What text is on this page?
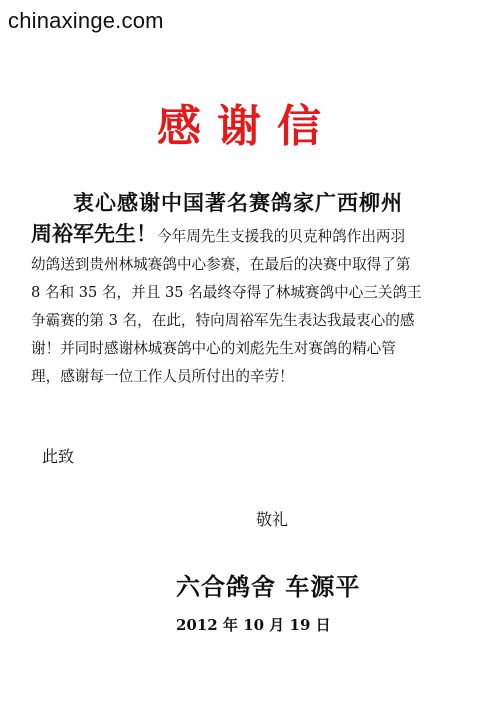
chinaxinge.com
感谢信

衷心感谢中国著名赛鸽家广西柳州

周裕军先生！今年周先生支援我的贝克种鸽作出两羽

幼鸽送到贵州林城赛鸽中心参赛，在最后的决赛中取得了第

8 名和 35 名，并且 35 名最终夺得了林城赛鸽中心三关鸽王

争霸赛的第 3 名，在此，特向周裕军先生表达我最衷心的感

谢！并同时感谢林城赛鸽中心的刘彪先生对赛鸽的精心管

理，感谢每一位工作人员所付出的辛劳！

此致
敬礼
六合鸽舍 车源平
2012 年 10 月 19 日
